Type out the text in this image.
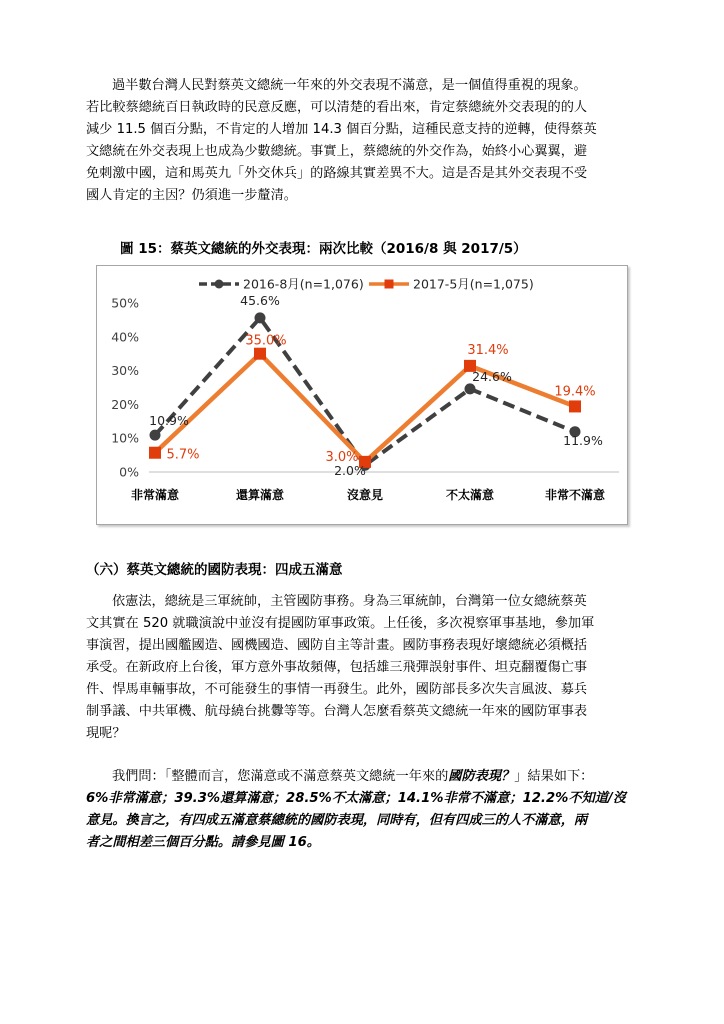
過半數台灣人民對蔡英文總統一年來的外交表現不滿意，是一個值得重視的現象。
若比較蔡總統百日執政時的民意反應，可以清楚的看出來，肯定蔡總統外交表現的的人
減少 11.5 個百分點，不肯定的人增加 14.3 個百分點，這種民意支持的逆轉，使得蔡英
文總統在外交表現上也成為少數總統。事實上，蔡總統的外交作為，始終小心翼翼，避
免刺激中國，這和馬英九「外交休兵」的路線其實差異不大。這是否是其外交表現不受
國人肯定的主因？仍須進一步釐清。

圖 15：蔡英文總統的外交表現：兩次比較（2016/8 與 2017/5）
0%
10%
20%
30%
40%
50%
非常滿意	還算滿意	沒意見	不太滿意	非常不滿意
2016-8月(n=1,076)	2017-5月(n=1,075)
10.9%
45.6%
2.0%
24.6%
11.9%
5.7%
35.0%
3.0%
31.4%
19.4%
（六）蔡英文總統的國防表現：四成五滿意

依憲法，總統是三軍統帥，主管國防事務。身為三軍統帥，台灣第一位女總統蔡英
文其實在 520 就職演說中並沒有提國防軍事政策。上任後，多次視察軍事基地，參加軍
事演習，提出國艦國造、國機國造、國防自主等計畫。國防事務表現好壞總統必須概括
承受。在新政府上台後，軍方意外事故頻傳，包括雄三飛彈誤射事件、坦克翻覆傷亡事
件、悍馬車輛事故，不可能發生的事情一再發生。此外，國防部長多次失言風波、募兵
制爭議、中共軍機、航母繞台挑釁等等。台灣人怎麼看蔡英文總統一年來的國防軍事表
現呢？

我們問：「整體而言，您滿意或不滿意蔡英文總統一年來的國防表現？」結果如下：
6%非常滿意；39.3%還算滿意；28.5%不太滿意；14.1%非常不滿意；12.2%不知道/沒
意見。換言之，有四成五滿意蔡總統的國防表現，同時有，但有四成三的人不滿意，兩
者之間相差三個百分點。請參見圖 16。
